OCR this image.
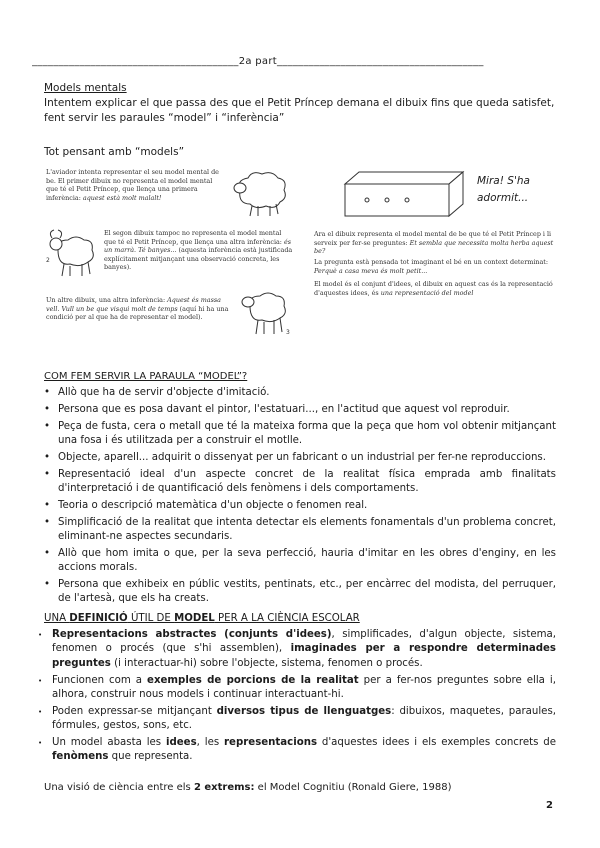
_______________________________________2a part_______________________________________
Models mentals
Intentem explicar el que passa des que el Petit Príncep demana el dibuix fins que queda satisfet, fent servir les paraules “model” i “inferència”
Tot pensant amb “models”
L'aviador intenta representar el seu model mental de be. El primer dibuix no representa el model mental que té el Petit Príncep, que llença una primera inferència: aquest està molt malalt!
2
El segon dibuix tampoc no representa el model mental que té el Petit Príncep, que llença una altra inferència: és un marrà. Té banyes... (aquesta inferència està justificada explícitament mitjançant una observació concreta, les banyes).
Un altre dibuix, una altra inferència: Aquest és massa vell. Vull un be que visqui molt de temps (aquí hi ha una condició per al que ha de representar el model).
3
Mira! S'ha
adormit...
Ara el dibuix representa el model mental de be que té el Petit Príncep i li serveix per fer-se preguntes: Et sembla que necessita molta herba aquest be?
La pregunta està pensada tot imaginant el bé en un context determinat: Perquè a casa meva és molt petit...
El model és el conjunt d'idees, el dibuix en aquest cas és la representació d'aquestes idees, és una representació del model
COM FEM SERVIR LA PARAULA “MODEL”?
• Allò que ha de servir d'objecte d'imitació.
• Persona que es posa davant el pintor, l'estatuari..., en l'actitud que aquest vol reproduir.
• Peça de fusta, cera o metall que té la mateixa forma que la peça que hom vol obtenir mitjançant una fosa i és utilitzada per a construir el motlle.
• Objecte, aparell... adquirit o dissenyat per un fabricant o un industrial per fer-ne reproduccions.
• Representació ideal d'un aspecte concret de la realitat física emprada amb finalitats d'interpretació i de quantificació dels fenòmens i dels comportaments.
• Teoria o descripció matemàtica d'un objecte o fenomen real.
• Simplificació de la realitat que intenta detectar els elements fonamentals d'un problema concret, eliminant-ne aspectes secundaris.
• Allò que hom imita o que, per la seva perfecció, hauria d'imitar en les obres d'enginy, en les accions morals.
• Persona que exhibeix en públic vestits, pentinats, etc., per encàrrec del modista, del perruquer, de l'artesà, que els ha creats.
UNA DEFINICIÓ ÚTIL DE MODEL PER A LA CIÈNCIA ESCOLAR
• Representacions abstractes (conjunts d'idees), simplificades, d'algun objecte, sistema, fenomen o procés (que s'hi assemblen), imaginades per a respondre determinades preguntes (i interactuar-hi) sobre l'objecte, sistema, fenomen o procés.
• Funcionen com a exemples de porcions de la realitat per a fer-nos preguntes sobre ella i, alhora, construir nous models i continuar interactuant-hi.
• Poden expressar-se mitjançant diversos tipus de llenguatges: dibuixos, maquetes, paraules, fórmules, gestos, sons, etc.
• Un model abasta les idees, les representacions d'aquestes idees i els exemples concrets de fenòmens que representa.
Una visió de ciència entre els 2 extrems: el Model Cognitiu (Ronald Giere, 1988)
2
